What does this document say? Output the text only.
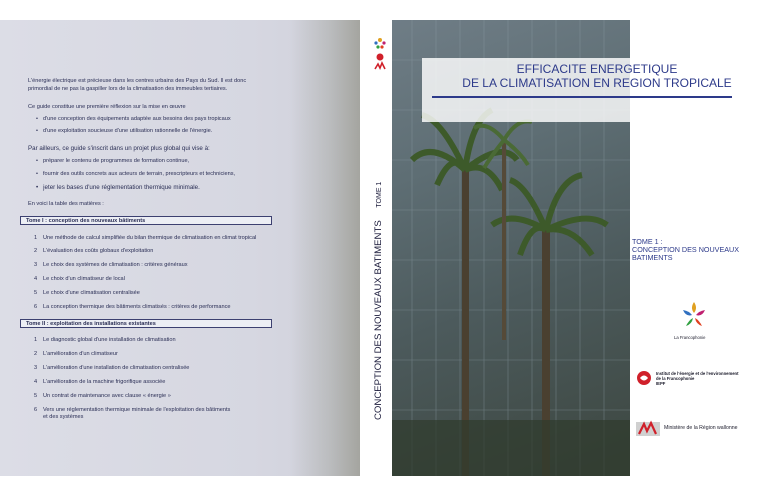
L'énergie électrique est précieuse dans les centres urbains des Pays du Sud. Il est donc
primordial de ne pas la gaspiller lors de la climatisation des immeubles tertiaires.
Ce guide constitue une première réflexion sur la mise en œuvre
• d'une conception des équipements adaptée aux besoins des pays tropicaux
• d'une exploitation soucieuse d'une utilisation rationnelle de l'énergie.
Par ailleurs, ce guide s'inscrit dans un projet plus global qui vise à:
• préparer le contenu de programmes de formation continue,
• fournir des outils concrets aux acteurs de terrain, prescripteurs et techniciens,
• jeter les bases d'une réglementation thermique minimale.
En voici la table des matières :
Tome I : conception des nouveaux bâtiments
1 Une méthode de calcul simplifiée du bilan thermique de climatisation en climat tropical
2 L'évaluation des coûts globaux d'exploitation
3 Le choix des systèmes de climatisation : critères généraux
4 Le choix d'un climatiseur de local
5 Le choix d'une climatisation centralisée
6 La conception thermique des bâtiments climatisés : critères de performance
Tome II : exploitation des installations existantes
1 Le diagnostic global d'une installation de climatisation
2 L'amélioration d'un climatiseur
3 L'amélioration d'une installation de climatisation centralisée
4 L'amélioration de la machine frigorifique associée
5 Un contrat de maintenance avec clause « énergie »
6 Vers une réglementation thermique minimale de l'exploitation des bâtiments
et des systèmes	CONCEPTION DES NOUVEAUX BATIMENTS TOME 1
EFFICACITE ENERGETIQUE
DE LA CLIMATISATION EN REGION TROPICALE
TOME 1 :
CONCEPTION DES NOUVEAUX
BATIMENTS
La Francophonie
Institut de l'énergie et de l'environnement
de la Francophonie
IEPF
Ministère de la Région wallonne
